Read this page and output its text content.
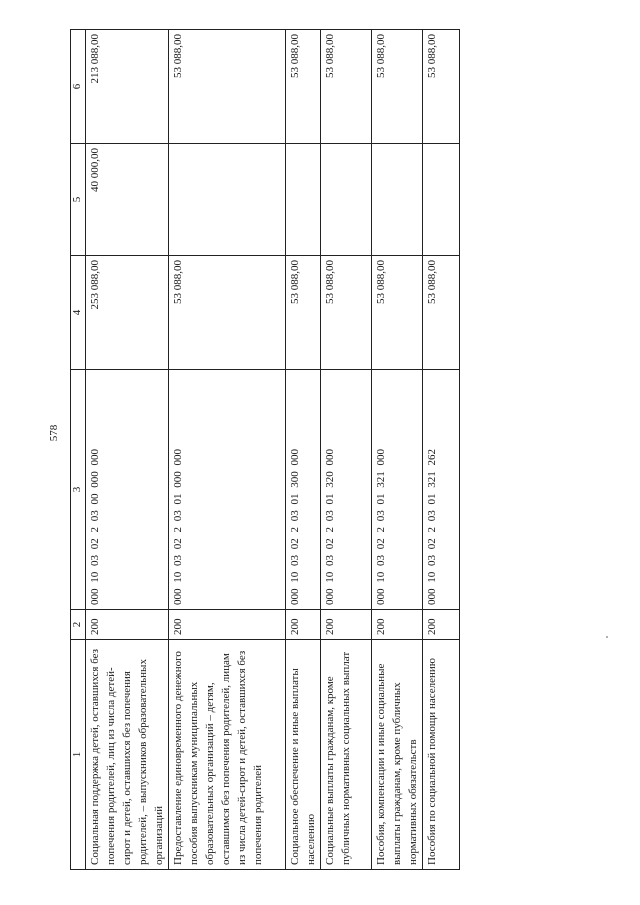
578
1	2	3	4	5	6
Социальная поддержка детей, оставшихся без попечения родителей, лиц из числа детей-сирот и детей, оставшихся без попечения родителей, – выпускников образовательных организаций	200	000 10 03 02 2 03 00 000 000	253 088,00	40 000,00	213 088,00
Предоставление единовременного денежного пособия выпускникам муниципальных образовательных организаций – детям, оставшимся без попечения родителей, лицам из числа детей-сирот и детей, оставшихся без попечения родителей	200	000 10 03 02 2 03 01 000 000	53 088,00		53 088,00
Социальное обеспечение и иные выплаты населению	200	000 10 03 02 2 03 01 300 000	53 088,00		53 088,00
Социальные выплаты гражданам, кроме публичных нормативных социальных выплат	200	000 10 03 02 2 03 01 320 000	53 088,00		53 088,00
Пособия, компенсации и иные социальные выплаты гражданам, кроме публичных нормативных обязательств	200	000 10 03 02 2 03 01 321 000	53 088,00		53 088,00
Пособия по социальной помощи населению	200	000 10 03 02 2 03 01 321 262	53 088,00		53 088,00
